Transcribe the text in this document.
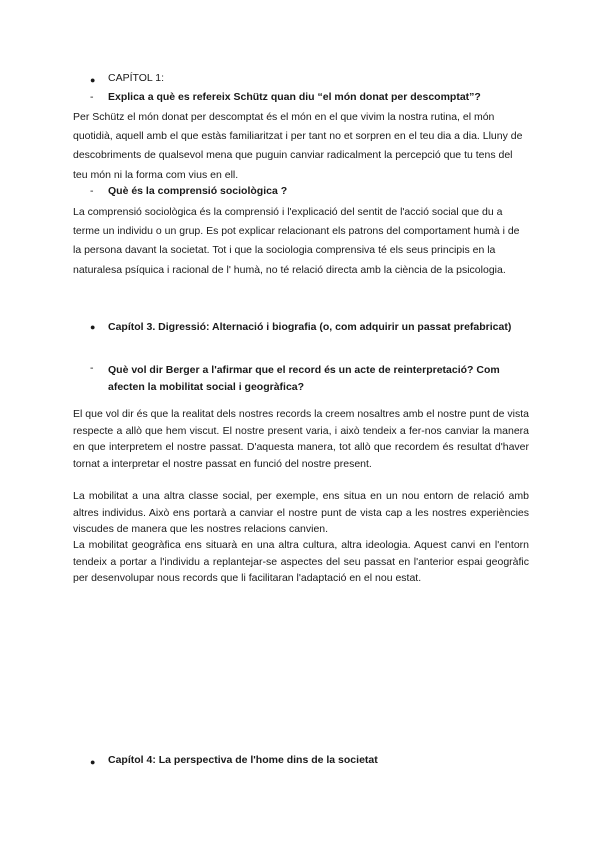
●	CAPÍTOL 1:
-	Explica a què es refereix Schütz quan diu “el món donat per descomptat”?
Per Schütz el món donat per descomptat és el món en el que vivim la nostra rutina, el món quotidià, aquell amb el que estàs familiaritzat i per tant no et sorpren en el teu dia a dia. Lluny de descobriments de qualsevol mena que puguin canviar radicalment la percepció que tu tens del teu món ni la forma com vius en ell.
-	Què és la comprensió sociològica ?
La comprensió sociològica és la comprensió i l'explicació del sentit de l'acció social que du a terme un individu o un grup. Es pot explicar relacionant els patrons del comportament humà i de la persona davant la societat. Tot i que la sociologia comprensiva té els seus principis en la naturalesa psíquica i racional de l' humà, no té relació directa amb la ciència de la psicologia.
●	Capítol 3. Digressió: Alternació i biografia (o, com adquirir un passat prefabricat)
-	Què vol dir Berger a l'afirmar que el record és un acte de reinterpretació? Com afecten la mobilitat social i geogràfica?
El que vol dir és que la realitat dels nostres records la creem nosaltres amb el nostre punt de vista respecte a allò que hem viscut. El nostre present varia, i això tendeix a fer-nos canviar la manera en que interpretem el nostre passat. D'aquesta manera, tot allò que recordem és resultat d'haver tornat a interpretar el nostre passat en funció del nostre present.
La mobilitat a una altra classe social, per exemple, ens situa en un nou entorn de relació amb altres individus. Això ens portarà a canviar el nostre punt de vista cap a les nostres experiències viscudes de manera que les nostres relacions canvien.
La mobilitat geogràfica ens situarà en una altra cultura, altra ideologia. Aquest canvi en l'entorn tendeix a portar a l'individu a replantejar-se aspectes del seu passat en l'anterior espai geogràfic per desenvolupar nous records que li facilitaran l'adaptació en el nou estat.
●	Capítol 4: La perspectiva de l'home dins de la societat
